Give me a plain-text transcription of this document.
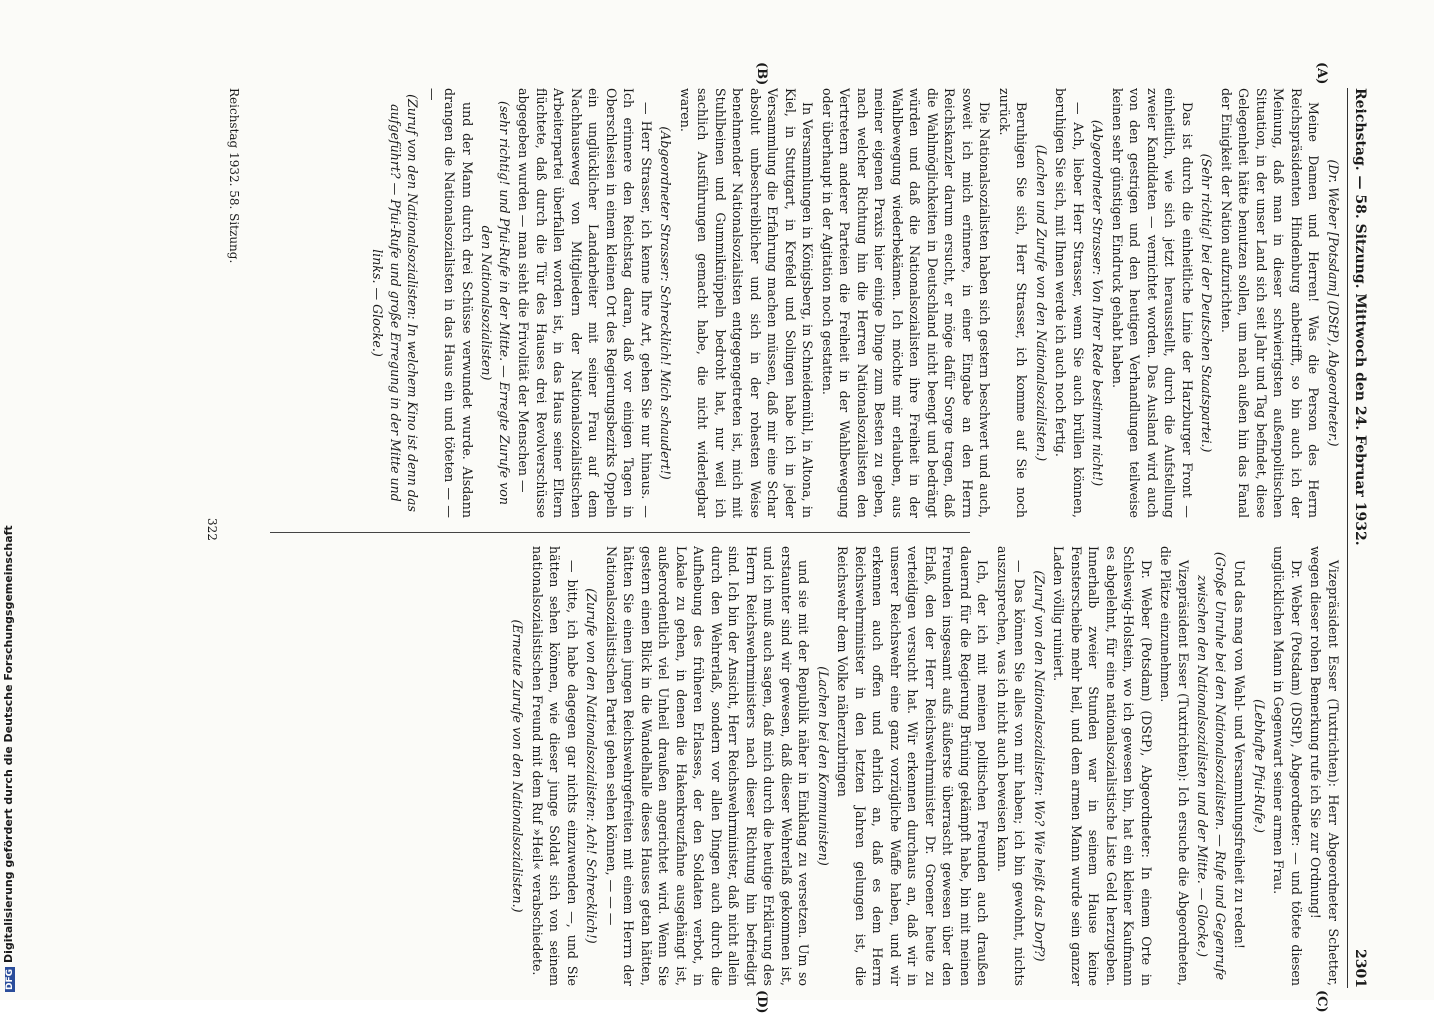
Reichstag. — 58. Sitzung. Mittwoch den 24. Februar 1932.
2301
(A)
(B)
(C)
(D)

(Dr. Weber [Potsdam] (DStP), Abgeordneter.)

Meine Damen und Herren! Was die Person des Herrn Reichspräsidenten Hindenburg anbetrifft, so bin auch ich der Meinung, daß man in dieser schwierigsten außenpolitischen Situation, in der unser Land sich seit Jahr und Tag befindet, diese Gelegenheit hätte benutzen sollen, um nach außen hin das Fanal der Einigkeit der Nation aufzurichten.

(Sehr richtig! bei der Deutschen Staatspartei.)

Das ist durch die einheitliche Linie der Harzburger Front — einheitlich, wie sich jetzt herausstellt, durch die Aufstellung zweier Kandidaten — vernichtet worden. Das Ausland wird auch von den gestrigen und den heutigen Verhandlungen teilweise keinen sehr günstigen Eindruck gehabt haben.

(Abgeordneter Strasser: Von Ihrer Rede bestimmt nicht!)

— Ach, lieber Herr Strasser, wenn Sie auch brüllen können, beruhigen Sie sich, mit Ihnen werde ich auch noch fertig.

(Lachen und Zurufe von den Nationalsozialisten.)

Beruhigen Sie sich, Herr Strasser, ich komme auf Sie noch zurück.

Die Nationalsozialisten haben sich gestern beschwert und auch, soweit ich mich erinnere, in einer Eingabe an den Herrn Reichskanzler darum ersucht, er möge dafür Sorge tragen, daß die Wahlmöglichkeiten in Deutschland nicht beengt und bedrängt würden und daß die Nationalsozialisten ihre Freiheit in der Wahlbewegung wiederbekämen. Ich möchte mir erlauben, aus meiner eigenen Praxis hier einige Dinge zum Besten zu geben, nach welcher Richtung hin die Herren Nationalsozialisten den Vertretern anderer Parteien die Freiheit in der Wahlbewegung oder überhaupt in der Agitation noch gestatten.

In Versammlungen in Königsberg, in Schneidemühl, in Altona, in Kiel, in Stuttgart, in Krefeld und Solingen habe ich in jeder Versammlung die Erfahrung machen müssen, daß mir eine Schar absolut unbeschreiblicher und sich in der rohesten Weise benehmender Nationalsozialisten entgegengetreten ist, mich mit Stuhlbeinen und Gummiknüppeln bedroht hat, nur weil ich sachlich Ausführungen gemacht habe, die nicht widerlegbar waren.

(Abgeordneter Strasser: Schrecklich! Mich schaudert!)

— Herr Strasser, ich kenne Ihre Art, gehen Sie nur hinaus. — Ich erinnere den Reichstag daran, daß vor einigen Tagen in Oberschlesien in einem kleinen Ort des Regierungsbezirks Oppeln ein unglücklicher Landarbeiter mit seiner Frau auf dem Nachhauseweg von Mitgliedern der Nationalsozialistischen Arbeiterpartei überfallen worden ist, in das Haus seiner Eltern flüchtete, daß durch die Tür des Hauses drei Revolverschüsse abgegeben wurden — man sieht die Frivolität der Menschen —

(sehr richtig! und Pfui-Rufe in der Mitte. — Erregte Zurufe von den Nationalsozialisten)

und der Mann durch drei Schüsse verwundet wurde. Alsdann drangen die Nationalsozialisten in das Haus ein und töteten — — —

(Zuruf von den Nationalsozialisten: In welchem Kino ist denn das aufgeführt? — Pfui-Rufe und große Erregung in der Mitte und links. — Glocke.)

Vizepräsident Esser (Tuxtrichten): Herr Abgeordneter Schetter, wegen dieser rohen Bemerkung rufe ich Sie zur Ordnung!

Dr. Weber (Potsdam) (DStP), Abgeordneter: — und tötete diesen unglücklichen Mann in Gegenwart seiner armen Frau.

(Lebhafte Pfui-Rufe.)

Und das mag von Wahl- und Versammlungsfreiheit zu reden!

(Große Unruhe bei den Nationalsozialisten. — Rufe und Gegenrufe zwischen den Nationalsozialisten und der Mitte. — Glocke.)

Vizepräsident Esser (Tuxtrichten): Ich ersuche die Abgeordneten, die Plätze einzunehmen.

Dr. Weber (Potsdam) (DStP), Abgeordneter: In einem Orte in Schleswig-Holstein, wo ich gewesen bin, hat ein kleiner Kaufmann es abgelehnt, für eine nationalsozialistische Liste Geld herzugeben. Innerhalb zweier Stunden war in seinem Hause keine Fensterscheibe mehr heil, und dem armen Mann wurde sein ganzer Laden völlig ruiniert.

(Zuruf von den Nationalsozialisten: Wo? Wie heißt das Dorf?)

— Das können Sie alles von mir haben; ich bin gewohnt, nichts auszusprechen, was ich nicht auch beweisen kann.

Ich, der ich mit meinen politischen Freunden auch draußen dauernd für die Regierung Brüning gekämpft habe, bin mit meinen Freunden insgesamt aufs äußerste überrascht gewesen über den Erlaß, den der Herr Reichswehrminister Dr. Groener heute zu verteidigen versucht hat. Wir erkennen durchaus an, daß wir in unserer Reichswehr eine ganz vorzügliche Waffe haben, und wir erkennen auch offen und ehrlich an, daß es dem Herrn Reichswehrminister in den letzten Jahren gelungen ist, die Reichswehr dem Volke näherzubringen

(Lachen bei den Kommunisten)

und sie mit der Republik näher in Einklang zu versetzen. Um so erstaunter sind wir gewesen, daß dieser Wehrerlaß gekommen ist, und ich muß auch sagen, daß mich durch die heutige Erklärung des Herrn Reichswehrministers nach dieser Richtung hin befriedigt sind. Ich bin der Ansicht, Herr Reichswehrminister, daß nicht allein durch den Wehrerlaß, sondern vor allen Dingen auch durch die Aufhebung des früheren Erlasses, der den Soldaten verbot, in Lokale zu gehen, in denen die Hakenkreuzfahne ausgehängt ist, außerordentlich viel Unheil draußen angerichtet wird. Wenn Sie gestern einen Blick in die Wandelhalle dieses Hauses getan hätten, hätten Sie einen jungen Reichswehrgefreiten mit einem Herrn der Nationalsozialistischen Partei gehen sehen können, — — —

(Zurufe von den Nationalsozialisten: Ach! Schrecklich!)

— bitte, ich habe dagegen gar nichts einzuwenden —, und Sie hätten sehen können, wie dieser junge Soldat sich von seinem nationalsozialistischen Freund mit dem Ruf »Heil« verabschiedete.

(Erneute Zurufe von den Nationalsozialisten.)

Reichstag 1932. 58. Sitzung.
322
DFGDigitalisierung gefördert durch die Deutsche Forschungsgemeinschaft
